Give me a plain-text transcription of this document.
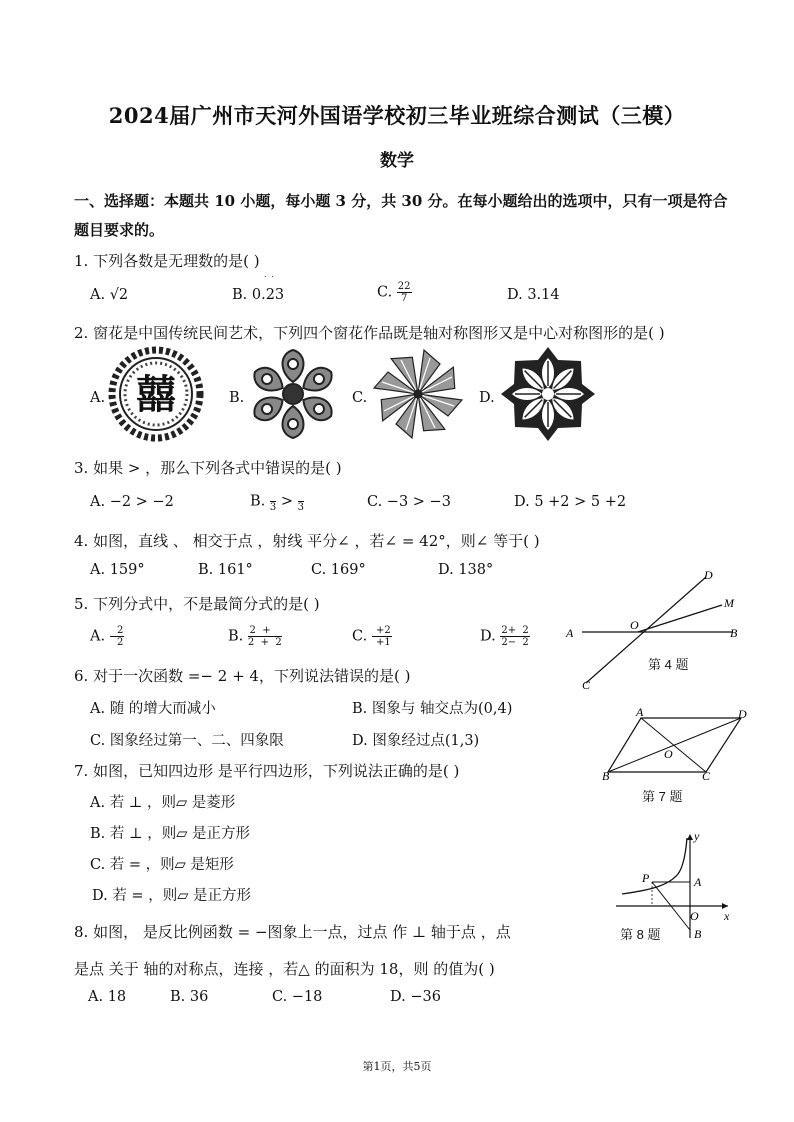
2024届广州市天河外国语学校初三毕业班综合测试（三模）
数学
一、选择题：本题共 10 小题，每小题 3 分，共 30 分。在每小题给出的选项中，只有一项是符合题目要求的。
1. 下列各数是无理数的是( )
A. √2	B. 0.23
˙ ˙
C. $\frac{22}{7}$	D. 3.14
2. 窗花是中国传统民间艺术，下列四个窗花作品既是轴对称图形又是中心对称图形的是( )
A. 囍	B.	C.	D.
3. 如果 > ，那么下列各式中错误的是( )
A. −2 > −2	B.
3 >
3	C. −3 > −3	D. 5 +2 > 5 +2
4. 如图，直线 、 相交于点 ，射线 平分∠ ，若∠ = 42°，则∠ 等于( )
A. 159°	B. 161°	C. 169°	D. 138°	D
M
A
O
B
C
第 4 题
5. 下列分式中，不是最简分式的是( )
A. $\frac{2}{2}$	B. $\frac{2 +}{2 + 2}$	C. $\frac{+2}{+1}$	D. $\frac{2+ 2}{2- 2}$
6. 对于一次函数 =− 2 + 4，下列说法错误的是( )
A. 随 的增大而减小	B. 图象与 轴交点为(0,4)
C. 图象经过第一、二、四象限	D. 图象经过点(1,3)
A	D
O
B	C
第 7 题
7. 如图，已知四边形 是平行四边形，下列说法正确的是( )
A. 若 ⊥ ，则▱ 是菱形
B. 若 ⊥ ，则▱ 是正方形
C. 若 = ，则▱ 是矩形
D. 若 = ，则▱ 是正方形
y
P	A
O x
B
第 8 题
8. 如图， 是反比例函数 = −图象上一点，过点 作 ⊥ 轴于点 ，点
是点 关于 轴的对称点，连接 ，若△ 的面积为 18，则 的值为( )
A. 18	B. 36	C. −18	D. −36
第1页，共5页
